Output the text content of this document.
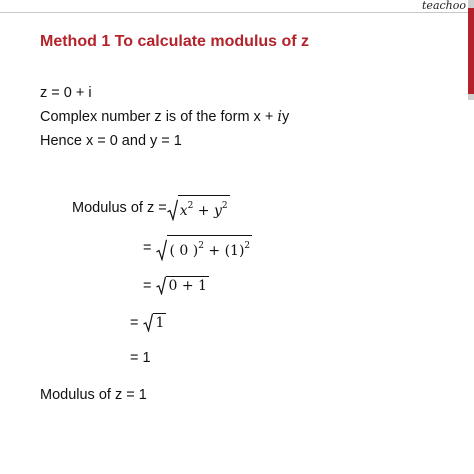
teachoo
Method 1 To calculate modulus of z
z = 0 + i
Complex number z is of the form x + iy
Hence x = 0 and y = 1
Modulus of $z = x^2 + y^2$
= ( 0 )$^2 + (1)^2$
= 0 + 1
= 1
= 1
Modulus of z = 1
